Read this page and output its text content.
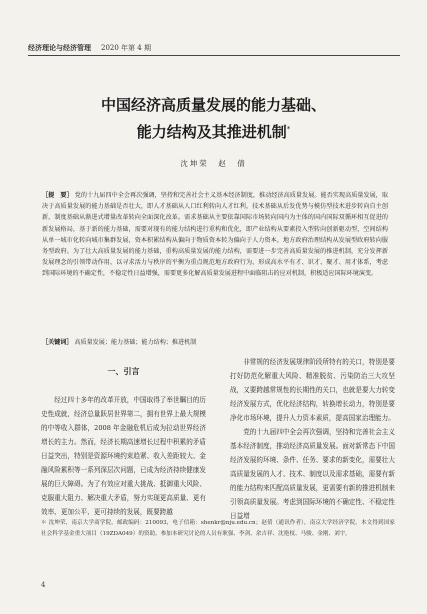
经济理论与经济管理 2020 年第 4 期
中国经济高质量发展的能力基础、
能力结构及其推进机制*
沈坤荣　赵　倩
［提　要］ 党的十九届四中全会再次强调，坚持和完善社会主义基本经济制度，推动经济高质量发展。能否实现高质量发展，取决于高质量发展的能力基础是否壮大，即人才基础从人口红利转向人才红利，技术基础从后发优势与模仿型技术进步转向自主创新，制度基础从渐进式增量改革转向全面深化改革。需求基础从主要依靠国际市场转向国内为主体的国内国际双循环相互促进的新发展格局，基于新的能力基础，需要对现有的能力结构进行重构和优化，即产业结构从要素投入型转向创新驱动型，空间结构从单一城市化转向城市集群发展，资本积累结构从偏向于物质资本转为偏向于人力资本，地方政府治理结构从发展型政府转向服务型政府。为了壮大高质量发展的能力基础，重构高质量发展的能力结构，需要进一步完善高质量发展的推进机制，充分发挥新发展理念的引领带动作用，以寻求活力与秩序的平衡为重点规范地方政府行为，形成高水平有才、识才、聚才、用才体系，考虑到国际环境的不确定性，不稳定性日益增强，需要更多化解高质量发展进程中面临阻击的应对机制，积极适应国际环境演变。
［关键词］ 高质量发展；能力基础；能力结构；推进机制
一、引言

经过四十多年的改革开放，中国取得了举世瞩目的历史性成就，经济总量跃居世界第二，拥有世界上最大规模的中等收入群体，2008 年金融危机后成为拉动世界经济增长的主力。然而，经济长期高速增长过程中积累的矛盾日益突出，特别是资源环境约束趋紧、收入差距较大、金融风险累积等一系列深层次问题，已成为经济持续健康发展的巨大障碍。为了有效应对重大挑战、抵御重大风险、克服重大阻力、解决重大矛盾，努力实现更高质量、更有效率、更加公平、更可持续的发展，既要跨越

非常规的经济发展规律阶段所特有的关口，特别是要打好防范化解重大风险、精准脱贫、污染防治三大攻坚战，又要跨越常规性的长期性的关口，也就是要大力转变经济发展方式，优化经济结构，转换增长动力，特别是要净化市场环境，提升人力资本素质，提高国家治理能力。

党的十九届四中全会再次强调，坚持和完善社会主义基本经济制度，推动经济高质量发展。面对新常态下中国经济发展的环境、条件、任务、要求的新变化，需要壮大高质量发展的人才、技术、制度以及需求基础，需要有新的能力结构来匹配高质量发展，更需要有新的推进机制来引领高质量发展。考虑到国际环境的不确定性、不稳定性日益增

＊ 沈坤荣，南京大学商学院，邮政编码：210093，电子信箱：shenkr@nju.edu.cn；赵倩（通讯作者），南京大学经济学院。本文得到国家社会科学基金重大项目（19ZDA049）的资助。参加本研究讨论的人员有耿强、李剑、余吉祥、沈艳枝、马骏、金刚、刘宇。
4
